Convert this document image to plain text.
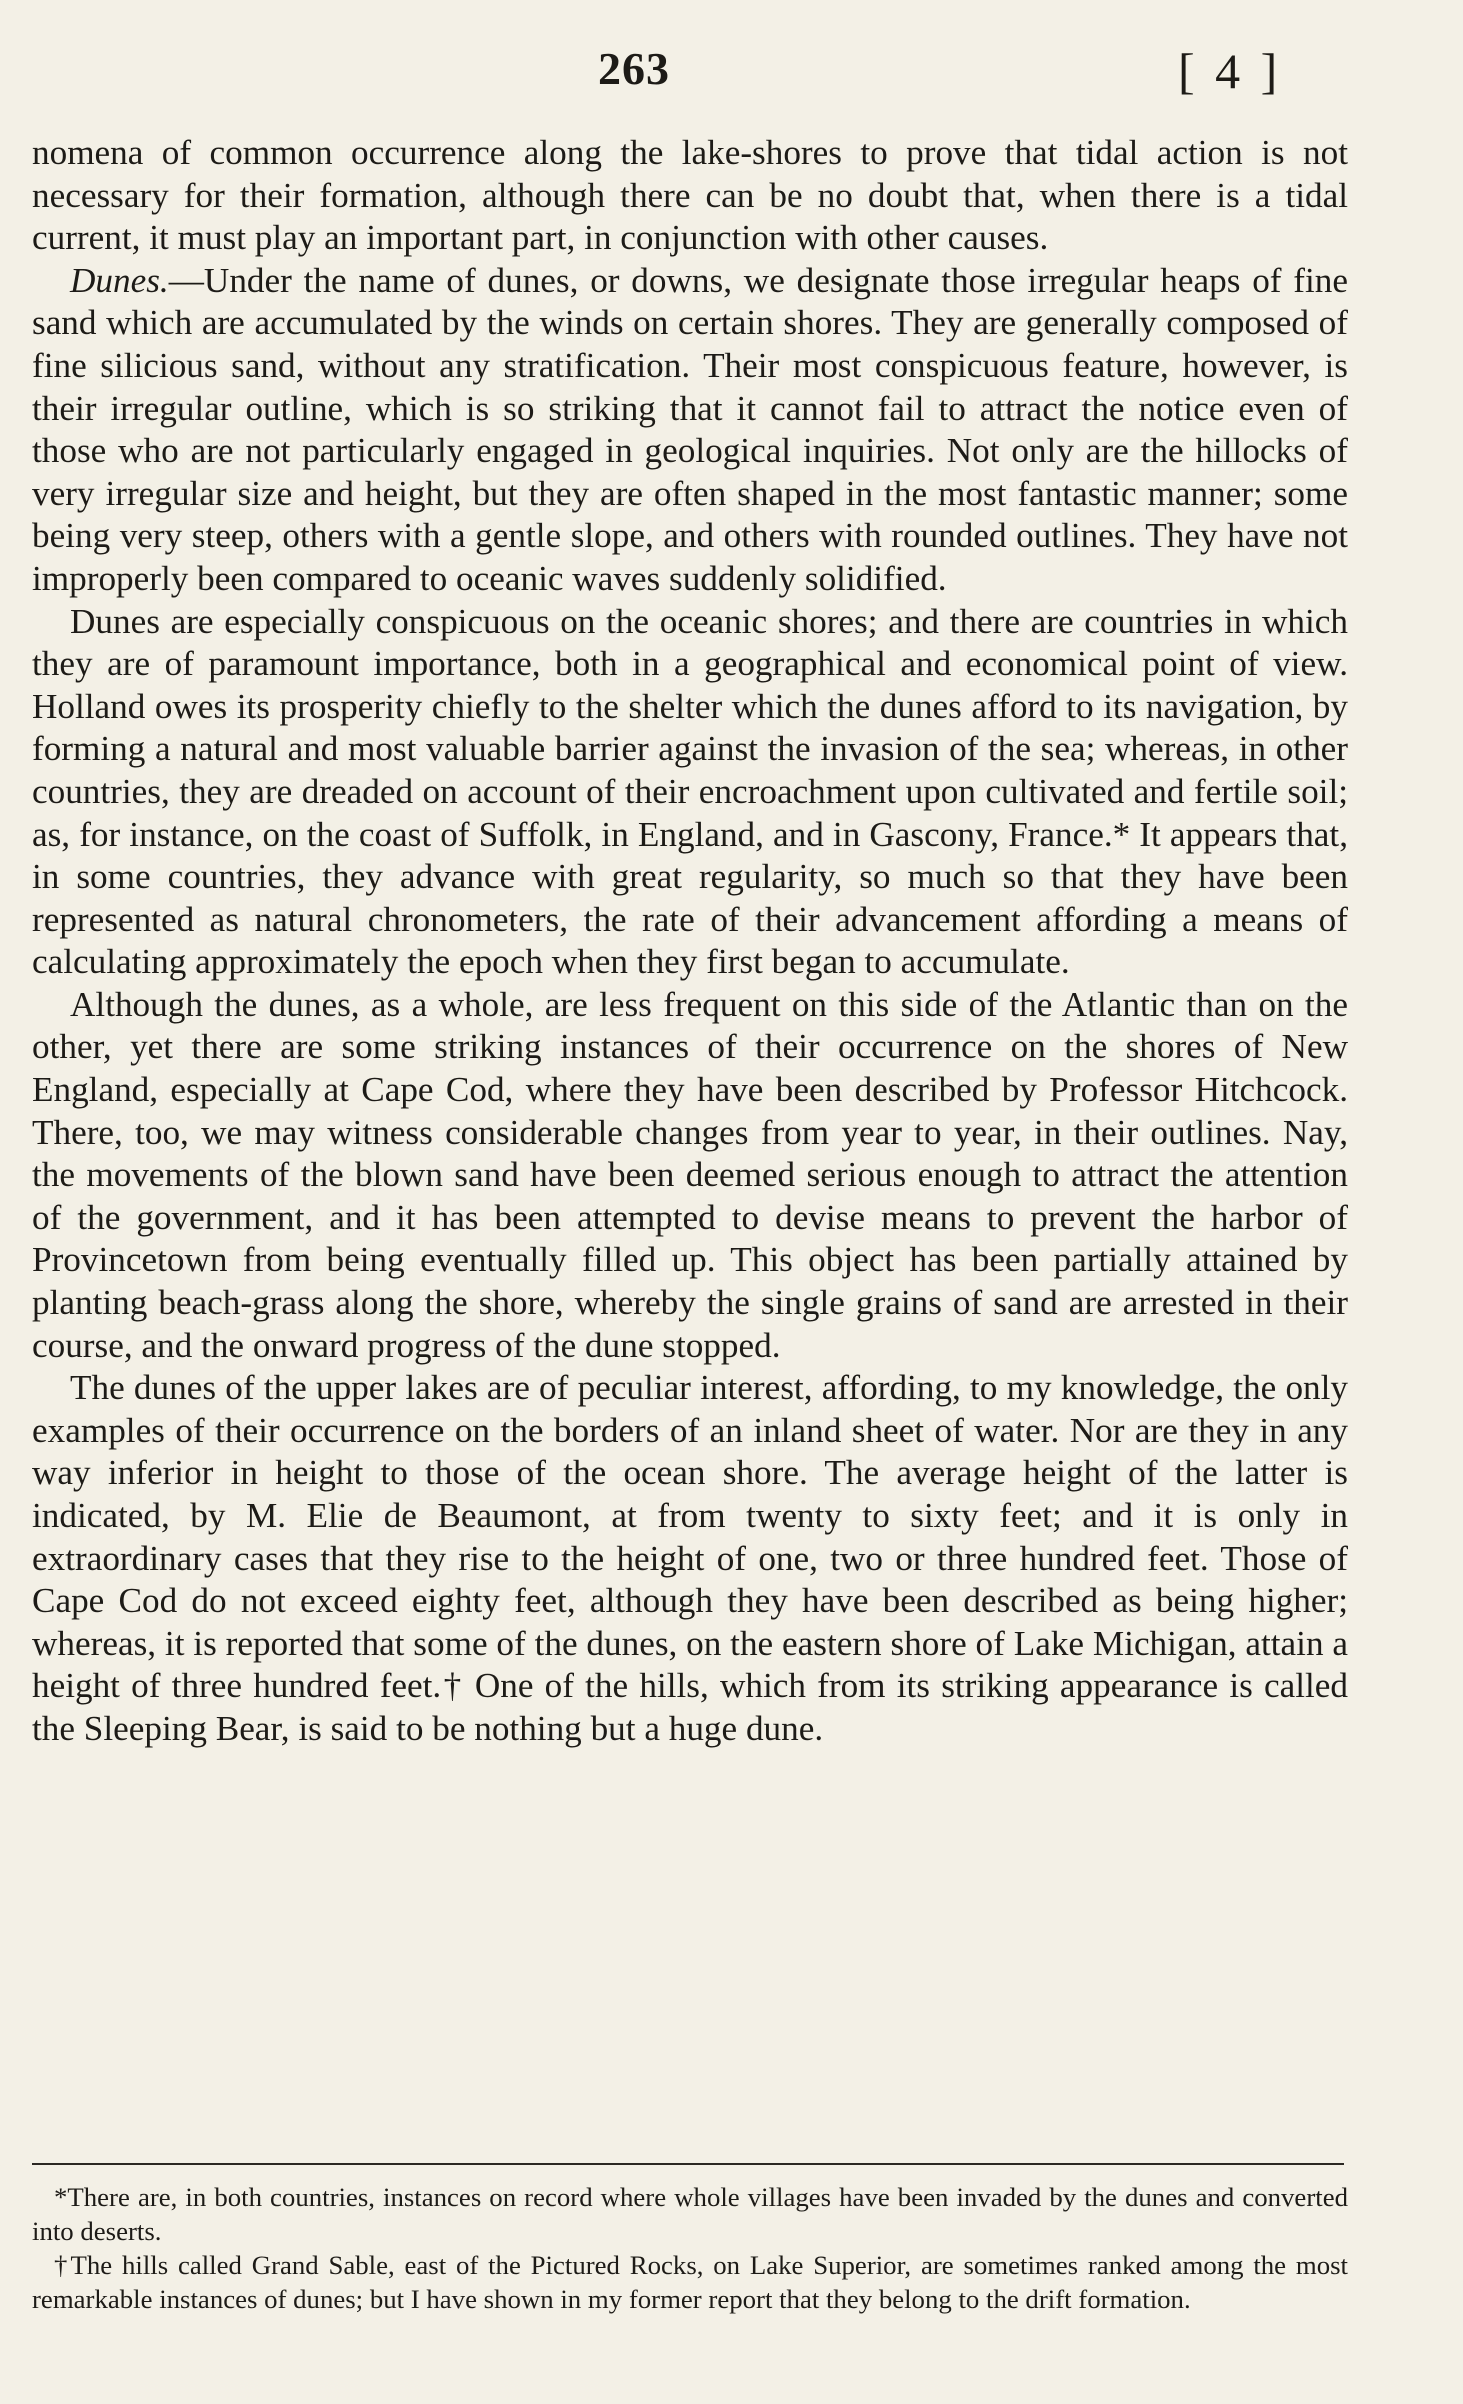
263	[ 4 ]

nomena of common occurrence along the lake-shores to prove that tidal action is not necessary for their formation, although there can be no doubt that, when there is a tidal current, it must play an important part, in conjunction with other causes.

Dunes.—Under the name of dunes, or downs, we designate those irregular heaps of fine sand which are accumulated by the winds on certain shores. They are generally composed of fine silicious sand, without any stratification. Their most conspicuous feature, however, is their irregular outline, which is so striking that it cannot fail to attract the notice even of those who are not particularly engaged in geological inquiries. Not only are the hillocks of very irregular size and height, but they are often shaped in the most fantastic manner; some being very steep, others with a gentle slope, and others with rounded outlines. They have not improperly been compared to oceanic waves suddenly solidified.

Dunes are especially conspicuous on the oceanic shores; and there are countries in which they are of paramount importance, both in a geographical and economical point of view. Holland owes its prosperity chiefly to the shelter which the dunes afford to its navigation, by forming a natural and most valuable barrier against the invasion of the sea; whereas, in other countries, they are dreaded on account of their encroachment upon cultivated and fertile soil; as, for instance, on the coast of Suffolk, in England, and in Gascony, France.* It appears that, in some countries, they advance with great regularity, so much so that they have been represented as natural chronometers, the rate of their advancement affording a means of calculating approximately the epoch when they first began to accumulate.

Although the dunes, as a whole, are less frequent on this side of the Atlantic than on the other, yet there are some striking instances of their occurrence on the shores of New England, especially at Cape Cod, where they have been described by Professor Hitchcock. There, too, we may witness considerable changes from year to year, in their outlines. Nay, the movements of the blown sand have been deemed serious enough to attract the attention of the government, and it has been attempted to devise means to prevent the harbor of Provincetown from being eventually filled up. This object has been partially attained by planting beach-grass along the shore, whereby the single grains of sand are arrested in their course, and the onward progress of the dune stopped.

The dunes of the upper lakes are of peculiar interest, affording, to my knowledge, the only examples of their occurrence on the borders of an inland sheet of water. Nor are they in any way inferior in height to those of the ocean shore. The average height of the latter is indicated, by M. Elie de Beaumont, at from twenty to sixty feet; and it is only in extraordinary cases that they rise to the height of one, two or three hundred feet. Those of Cape Cod do not exceed eighty feet, although they have been described as being higher; whereas, it is reported that some of the dunes, on the eastern shore of Lake Michigan, attain a height of three hundred feet.† One of the hills, which from its striking appearance is called the Sleeping Bear, is said to be nothing but a huge dune.

*There are, in both countries, instances on record where whole villages have been invaded by the dunes and converted into deserts.

†The hills called Grand Sable, east of the Pictured Rocks, on Lake Superior, are sometimes ranked among the most remarkable instances of dunes; but I have shown in my former report that they belong to the drift formation.
